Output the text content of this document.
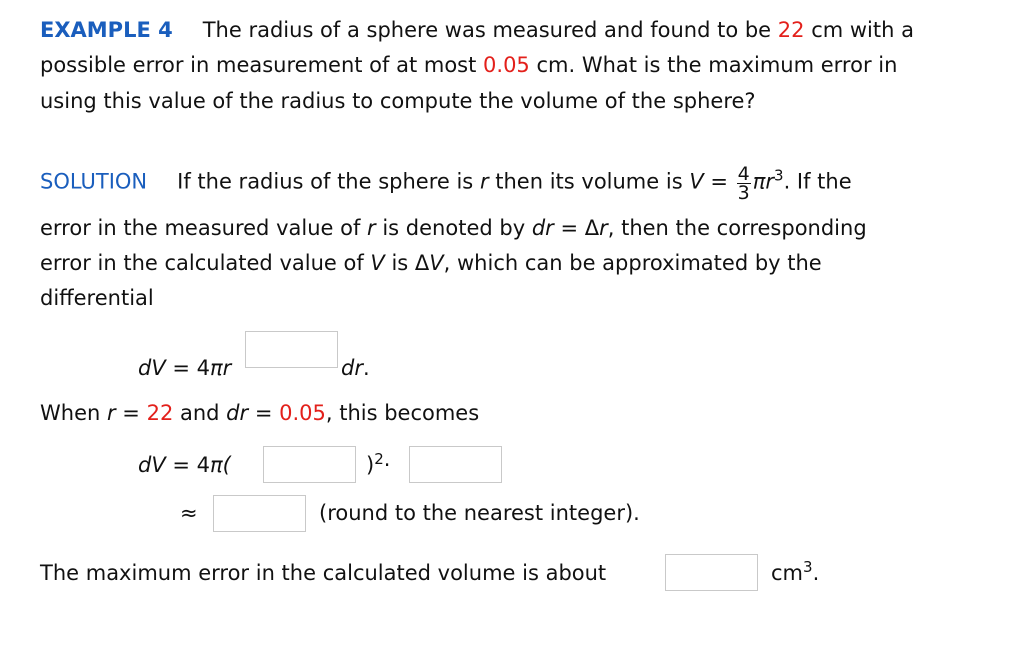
EXAMPLE 4 The radius of a sphere was measured and found to be 22 cm with a
possible error in measurement of at most 0.05 cm. What is the maximum error in
using this value of the radius to compute the volume of the sphere?
SOLUTION If the radius of the sphere is r then its volume is $V = \frac{4}{3} \pi r^3$. If the
error in the measured value of r is denoted by dr = Δr, then the corresponding
error in the calculated value of V is ΔV, which can be approximated by the
differential
dV = 4πr	dr.
When r = 22 and dr = 0.05, this becomes
dV = 4π(	)$^2$·
≈	(round to the nearest integer).
The maximum error in the calculated volume is about	$cm^3$.
